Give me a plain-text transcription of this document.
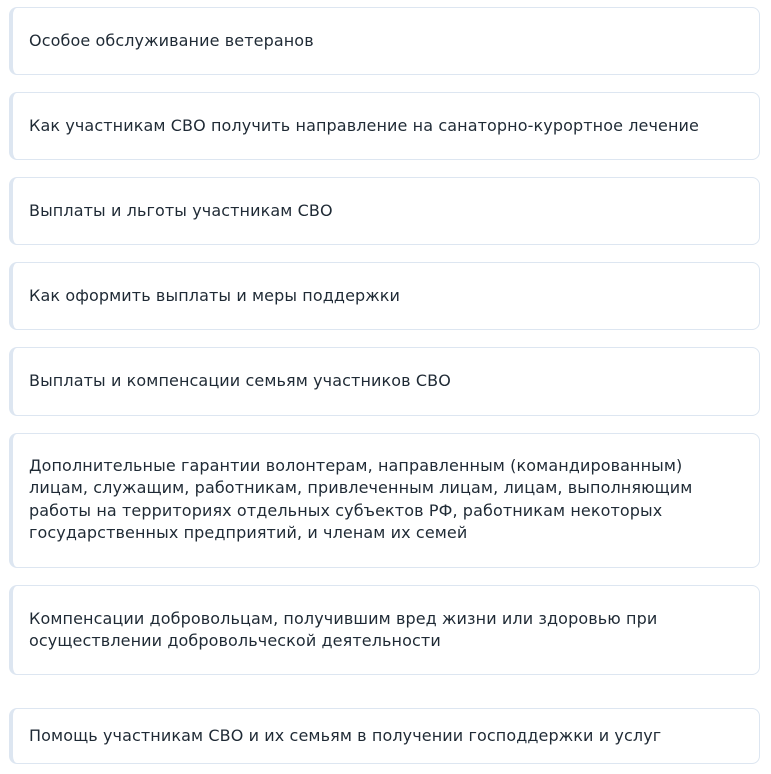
Особое обслуживание ветеранов
Как участникам СВО получить направление на санаторно-курортное лечение
Выплаты и льготы участникам СВО
Как оформить выплаты и меры поддержки
Выплаты и компенсации семьям участников СВО
Дополнительные гарантии волонтерам, направленным (командированным) лицам, служащим, работникам, привлеченным лицам, лицам, выполняющим работы на территориях отдельных субъектов РФ, работникам некоторых государственных предприятий, и членам их семей
Компенсации добровольцам, получившим вред жизни или здоровью при осуществлении добровольческой деятельности
Помощь участникам СВО и их семьям в получении господдержки и услуг
